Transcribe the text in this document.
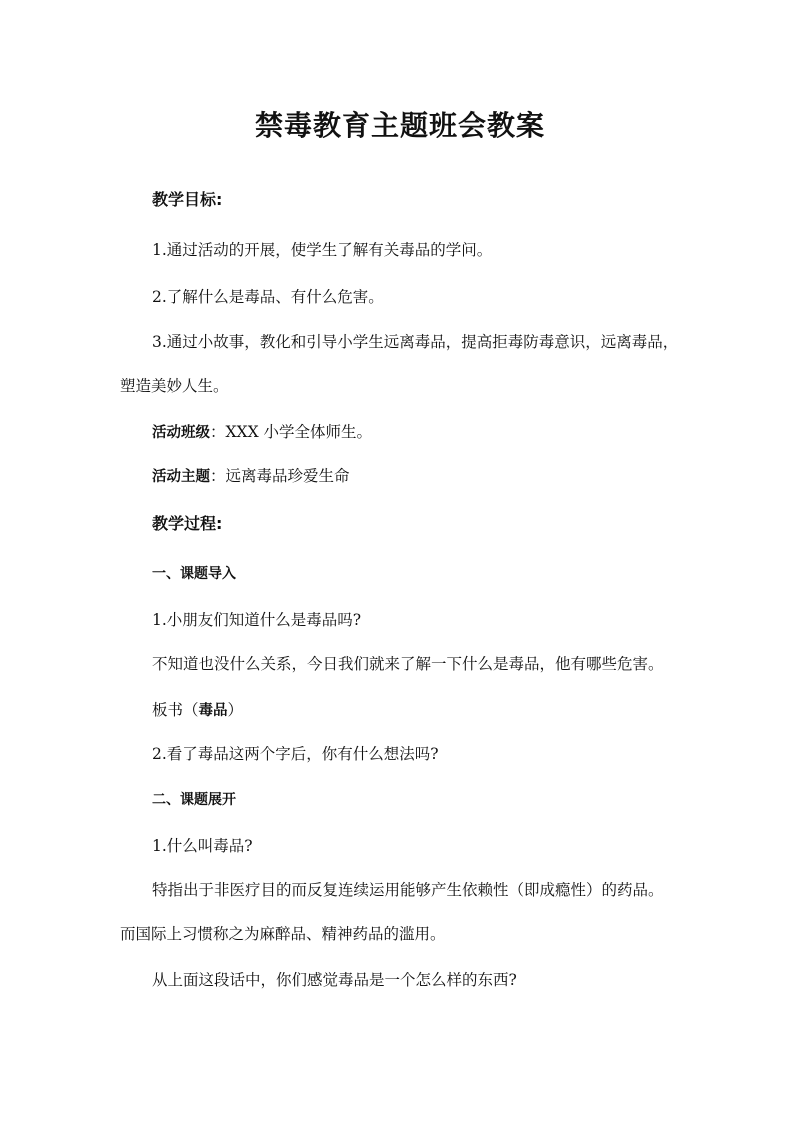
禁毒教育主题班会教案

教学目标:

1.通过活动的开展，使学生了解有关毒品的学问。

2.了解什么是毒品、有什么危害。

3.通过小故事，教化和引导小学生远离毒品，提高拒毒防毒意识，远离毒品，

塑造美妙人生。

活动班级：XXX 小学全体师生。

活动主题：远离毒品珍爱生命

教学过程:

一、课题导入

1.小朋友们知道什么是毒品吗?

不知道也没什么关系，今日我们就来了解一下什么是毒品，他有哪些危害。

板书（毒品）

2.看了毒品这两个字后，你有什么想法吗?

二、课题展开

1.什么叫毒品?

特指出于非医疗目的而反复连续运用能够产生依赖性（即成瘾性）的药品。

而国际上习惯称之为麻醉品、精神药品的滥用。

从上面这段话中，你们感觉毒品是一个怎么样的东西?
